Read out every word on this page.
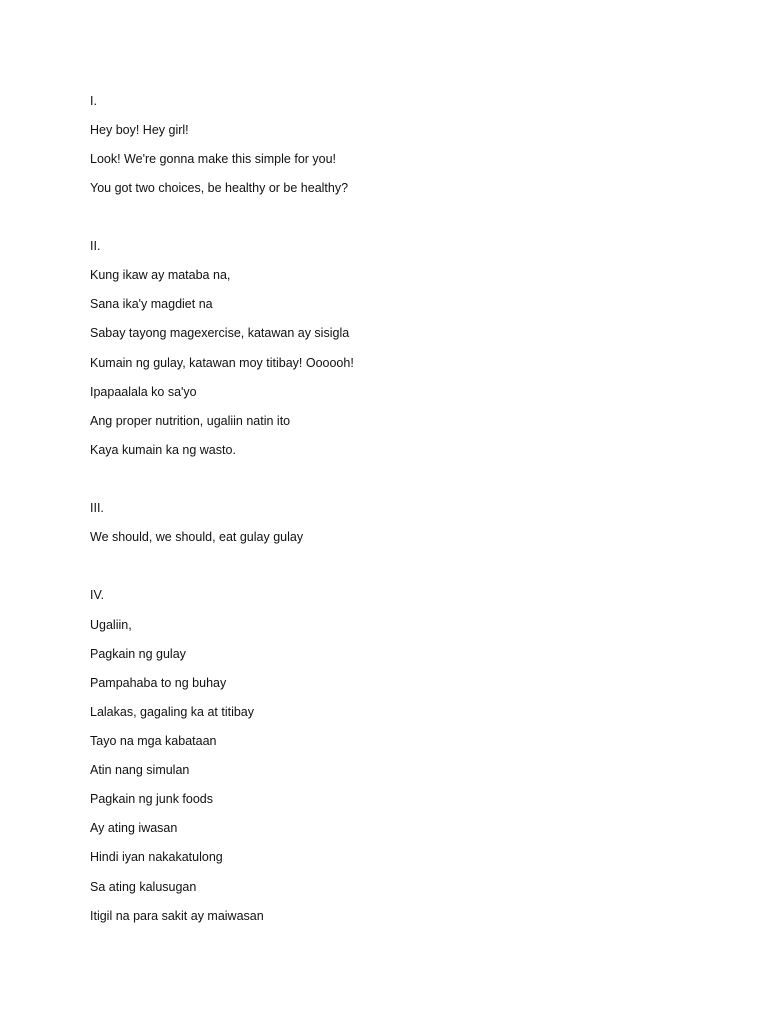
I.
Hey boy! Hey girl!
Look! We're gonna make this simple for you!
You got two choices, be healthy or be healthy?
II.
Kung ikaw ay mataba na,
Sana ika'y magdiet na
Sabay tayong magexercise, katawan ay sisigla
Kumain ng gulay, katawan moy titibay! Oooooh!
Ipapaalala ko sa'yo
Ang proper nutrition, ugaliin natin ito
Kaya kumain ka ng wasto.
III.
We should, we should, eat gulay gulay
IV.
Ugaliin,
Pagkain ng gulay
Pampahaba to ng buhay
Lalakas, gagaling ka at titibay
Tayo na mga kabataan
Atin nang simulan
Pagkain ng junk foods
Ay ating iwasan
Hindi iyan nakakatulong
Sa ating kalusugan
Itigil na para sakit ay maiwasan
